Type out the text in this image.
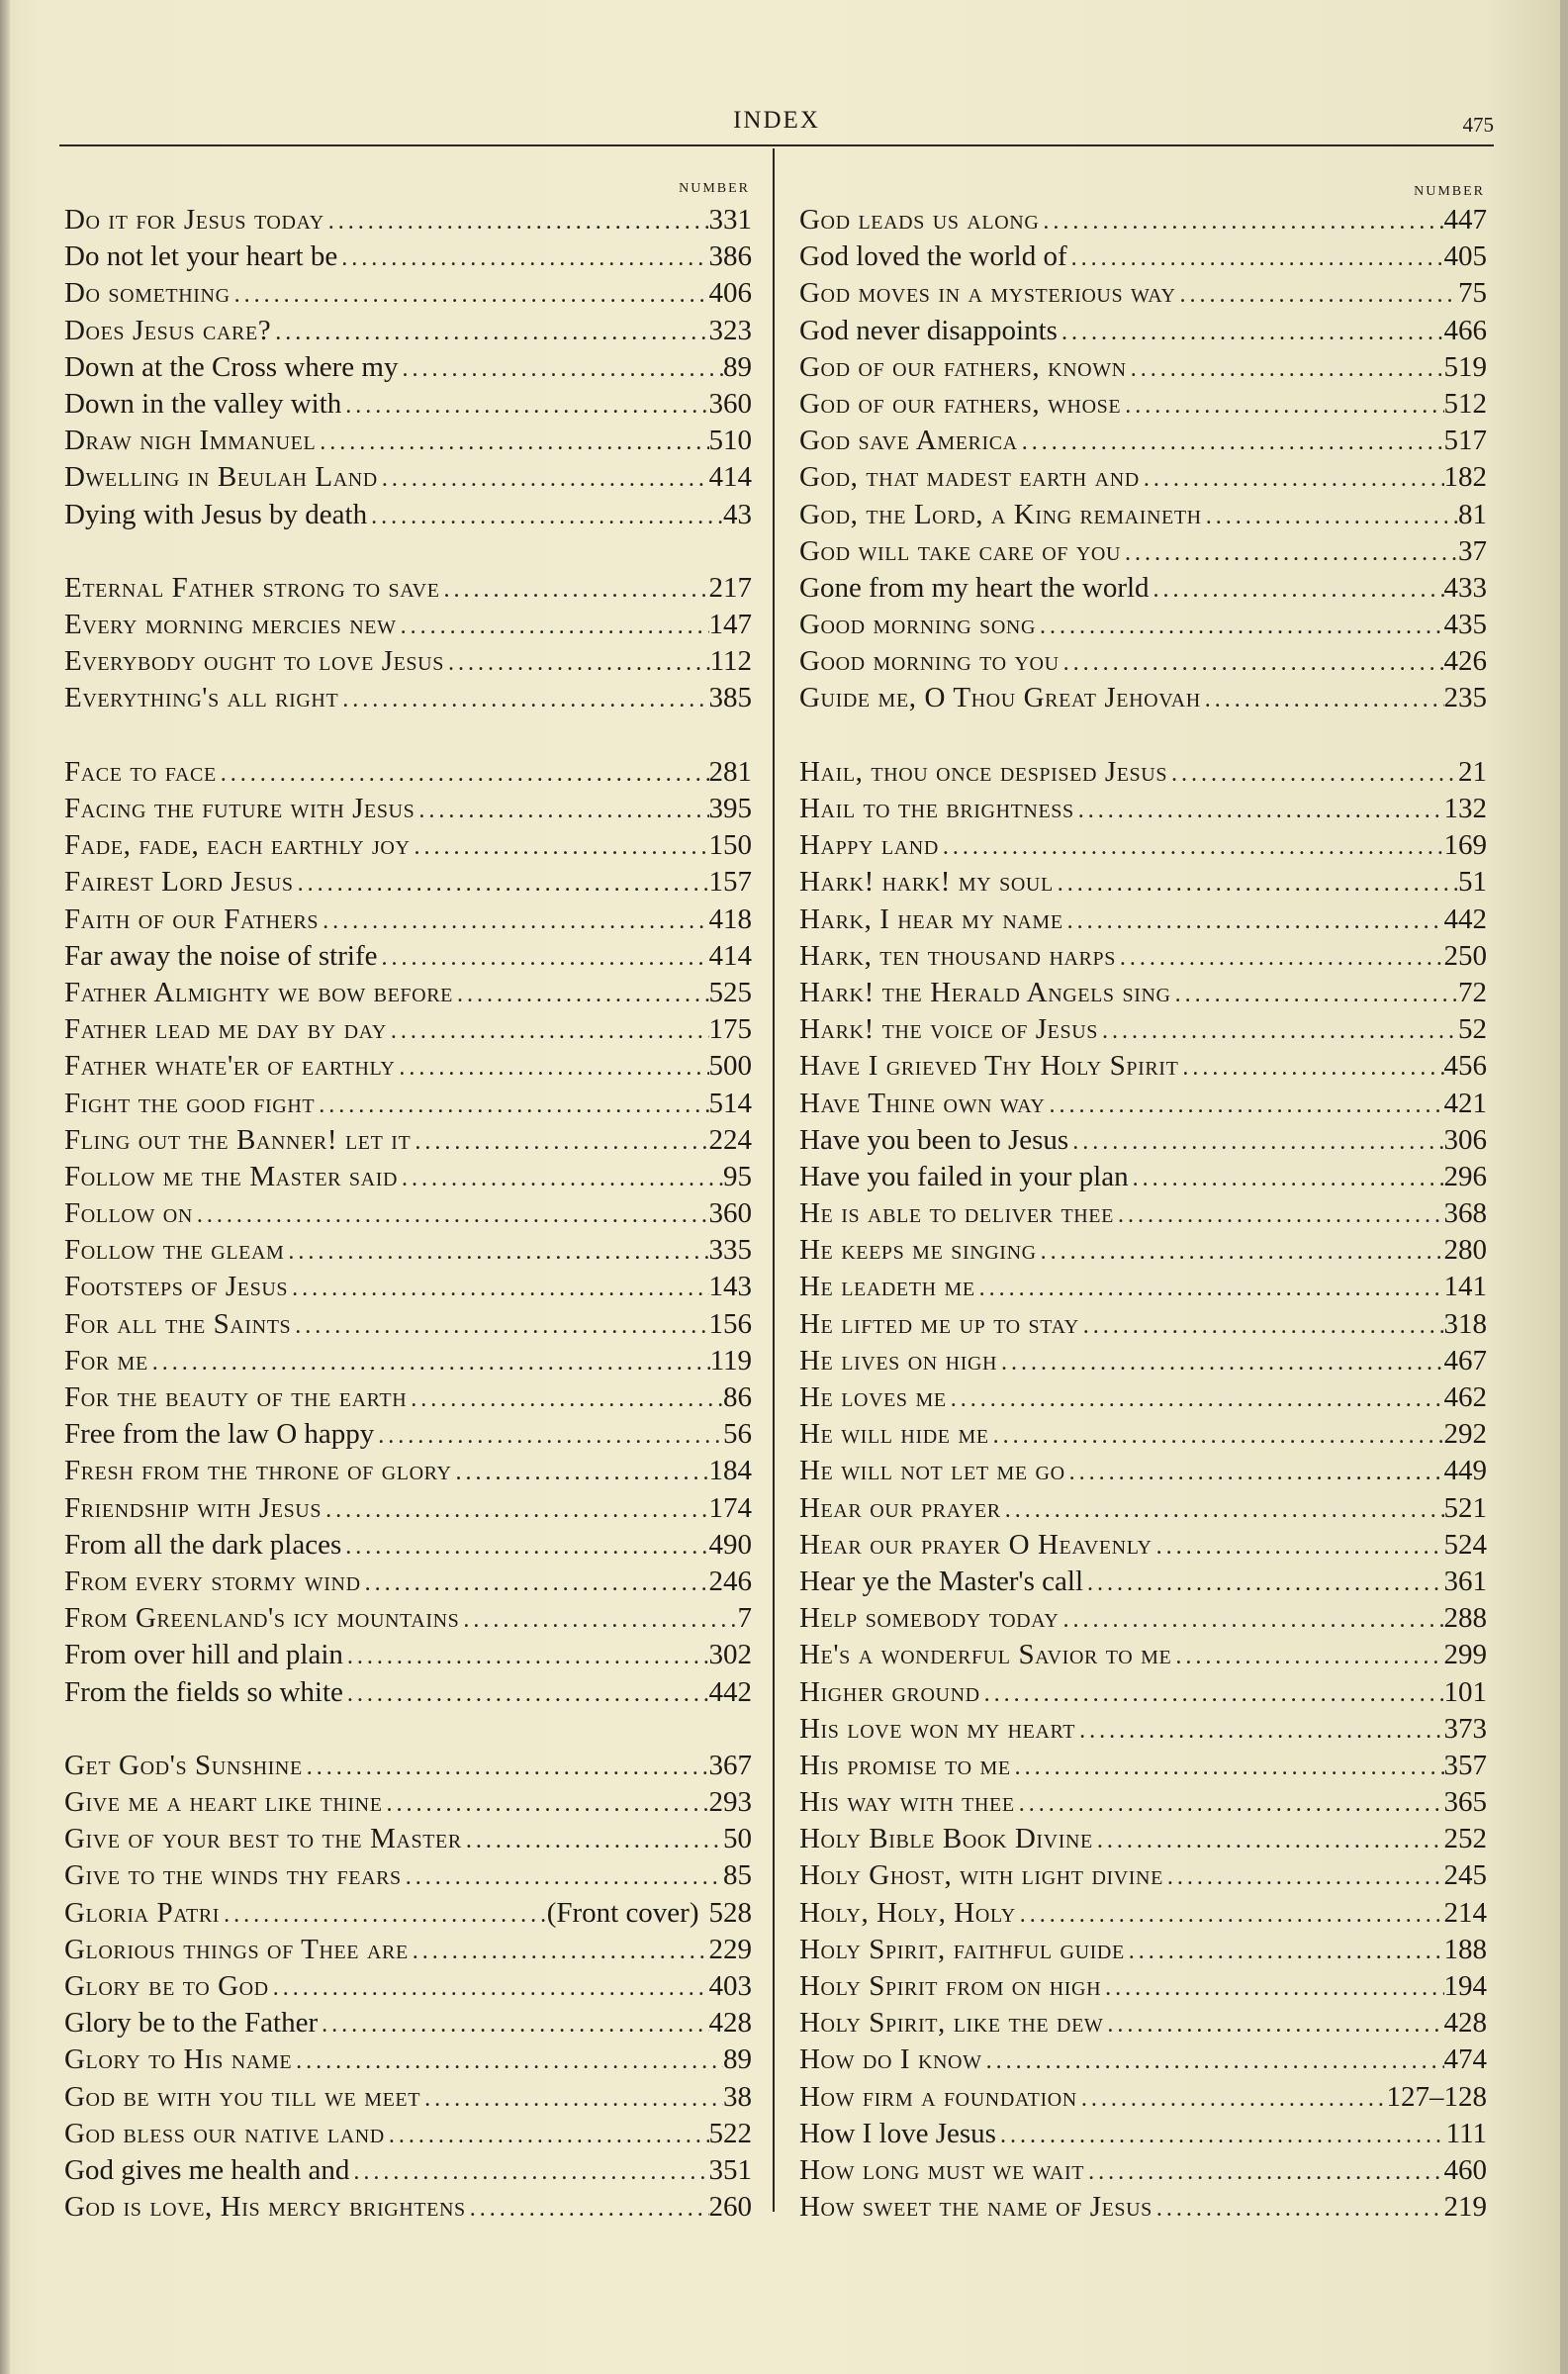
INDEX	475
NUMBER
Do it for Jesus today .....	331
Do not let your heart be .....	386
Do something .....	406
Does Jesus care? .....	323
Down at the Cross where my .....	89
Down in the valley with .....	360
Draw nigh Immanuel .....	510
Dwelling in Beulah Land .....	414
Dying with Jesus by death .....	43
Eternal Father strong to save .....	217
Every morning mercies new .....	147
Everybody ought to love Jesus .....	112
Everything's all right .....	385
Face to face .....	281
Facing the future with Jesus .....	395
Fade, fade, each earthly joy .....	150
Fairest Lord Jesus .....	157
Faith of our Fathers .....	418
Far away the noise of strife .....	414
Father Almighty we bow before .....	525
Father lead me day by day .....	175
Father whate'er of earthly .....	500
Fight the good fight .....	514
Fling out the Banner! let it .....	224
Follow me the Master said .....	95
Follow on .....	360
Follow the gleam .....	335
Footsteps of Jesus .....	143
For all the Saints .....	156
For me .....	119
For the beauty of the earth .....	86
Free from the law O happy .....	56
Fresh from the throne of glory .....	184
Friendship with Jesus .....	174
From all the dark places .....	490
From every stormy wind .....	246
From Greenland's icy mountains .....	7
From over hill and plain .....	302
From the fields so white .....	442
Get God's Sunshine .....	367
Give me a heart like thine .....	293
Give of your best to the Master .....	50
Give to the winds thy fears .....	85
Gloria Patri .....	(Front cover) 528
Glorious things of Thee are .....	229
Glory be to God .....	403
Glory be to the Father .....	428
Glory to His name .....	89
God be with you till we meet .....	38
God bless our native land .....	522
God gives me health and .....	351
God is love, His mercy brightens .....	260
NUMBER
God leads us along .....	447
God loved the world of .....	405
God moves in a mysterious way .....	75
God never disappoints .....	466
God of our fathers, known .....	519
God of our fathers, whose .....	512
God save America .....	517
God, that madest earth and .....	182
God, the Lord, a King remaineth .....	81
God will take care of you .....	37
Gone from my heart the world .....	433
Good morning song .....	435
Good morning to you .....	426
Guide me, O Thou Great Jehovah .....	235
Hail, thou once despised Jesus .....	21
Hail to the brightness .....	132
Happy land .....	169
Hark! hark! my soul .....	51
Hark, I hear my name .....	442
Hark, ten thousand harps .....	250
Hark! the Herald Angels sing .....	72
Hark! the voice of Jesus .....	52
Have I grieved Thy Holy Spirit .....	456
Have Thine own way .....	421
Have you been to Jesus .....	306
Have you failed in your plan .....	296
He is able to deliver thee .....	368
He keeps me singing .....	280
He leadeth me .....	141
He lifted me up to stay .....	318
He lives on high .....	467
He loves me .....	462
He will hide me .....	292
He will not let me go .....	449
Hear our prayer .....	521
Hear our prayer O Heavenly .....	524
Hear ye the Master's call .....	361
Help somebody today .....	288
He's a wonderful Savior to me .....	299
Higher ground .....	101
His love won my heart .....	373
His promise to me .....	357
His way with thee .....	365
Holy Bible Book Divine .....	252
Holy Ghost, with light divine .....	245
Holy, Holy, Holy .....	214
Holy Spirit, faithful guide .....	188
Holy Spirit from on high .....	194
Holy Spirit, like the dew .....	428
How do I know .....	474
How firm a foundation .....	127–128
How I love Jesus .....	111
How long must we wait .....	460
How sweet the name of Jesus .....	219
